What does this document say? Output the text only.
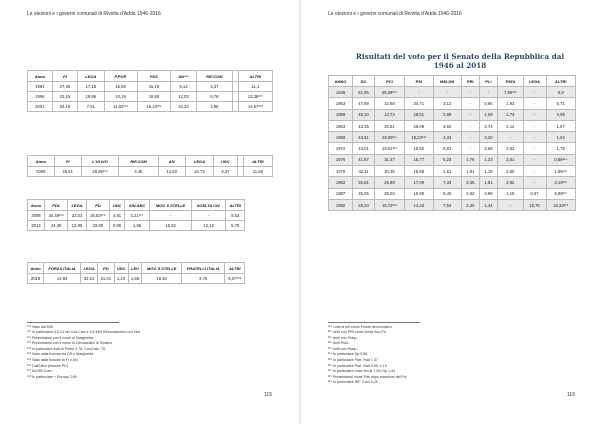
Le elezioni e i governi comunali di Rivolta d'Adda 1946-2016
Anno	PI	LEGA	P.POP.	FDS	AN¹⁹⁹	RIF.COM		ALTRI
1994	27,45	17,18	16,59	15,19	8,12	4,37		11,1
1996	22,15	19,86	10,19	16,65	12,03	5,76		13,36²⁰⁰
2001	34,19	7,51	11,92²⁰¹	16,10²⁰²	10,33	4,96		14,57²⁰³
Anno	FI	L'ULIVO	RIF.COM	AN	LEGA	UDC		ALTRI
2006	26,51	26,85²⁰⁴	4,45	14,53	10,73	5,37		11,58
Anno	PDL	LEGA	PD	UDC	SIN.ARC	MOV. 5 STELLE	SCELTA CIV.	ALTRI
2008	34,49²⁰⁵	23,03	25,83²⁰⁶	4,91	2,21²⁰⁷	-	-	9,53
2013	24,36	12,96	23,90	0,99	1,56	18,33	12,12	5,78
Anno	FORZA ITALIA	LEGA	PD	UDC	LEU	MOV. 5 STELLE	FRATELLI ITALIA	ALTRI
2018	14,93	32,21	21,01	1,10	1,58	19,40	3,76	6,07²⁰⁸
¹⁹⁹ Nato dal MSI
²⁰⁰ In particolare 4,5,14 del Cod-Calc e 4,5 MSI Rinnovamento con Dini
²⁰¹ Presentatosi con il nome di Margherita
²⁰² Presentatosi con il nome di Democratici di Sinistra
²⁰³ In particolare lista di Pietro 3,76, Cod-Calc. 70.
²⁰⁴ Nato dalla fusione tra DS e Margherita
²⁰⁵ Nato dalla fusione di FI e AN
²⁰⁶ Dall'Ulivo (fusione PD)
²⁰⁷ Da RIF.Com.
²⁰⁸ In particolare + Europa 2,69
115
Le elezioni e i governi comunali di Rivolta d'Adda 1946-2016
Risultati del voto per il Senato della Repubblica dal 1946 al 2018
ANNO	DC	PCI	PSI	MSI-DN	PRI	PLI	PSDI	LEGA	ALTRI
1948	51,95	39,29²⁰⁹	-	-	-	-	7,86²¹⁰	-	0,9
1953	47,89	10,68	34,71	3,12	-	0,96	1,93	-	0,71
1958	49,10	14,73	29,51	2,89	-	1,09	1,73	-	0,95
1963	43,35	20,51	26,09	3,62	-	2,74	2,12	-	1,57
1968	43,61	28,08²¹¹	19,23²¹²	4,34	-	3,20	-	-	1,54
1972	43,01	25,51²¹³	18,52	5,81	-	2,68	2,92	-	1,75
1976	41,67	31,47	15,77	5,23	1,76	1,23	2,01	-	0,86²¹⁴
1979	42,11	30,35	15,68	4,61	1,91	1,18	2,50	-	1,66²¹⁵
1983	35,81	28,89	17,09	7,33	3,35	1,51	2,92	-	3,10²¹⁶
1987	35,05	28,03	18,90	6,40	2,92	0,96	1,19	0,67	5,88²¹⁷
1992	26,24	15,72²¹⁸	14,43	7,54	2,40	1,44	-	15,70	16,33²¹⁹
²⁰⁹ Uniti di nel come Fronte democratico.
²¹⁰ Uniti con PRI come Unità Soc-Pri.
²¹¹ Uniti con Psiup.
²¹² Uniti Psdi.
²¹³ Uniti con Psiup.
²¹⁴ In particolare Dp 0,86.
²¹⁵ In particolare Part. Rad 1,37
²¹⁶ In particolare Part. Rad 4,59; 1,19
²¹⁷ In particolare Lista Verde 1,09; Dp 1,44
²¹⁸ Presentatosi come Pds dopo scissione del Pci.
²¹⁹ In particolare RIF. Com 5,25
116
